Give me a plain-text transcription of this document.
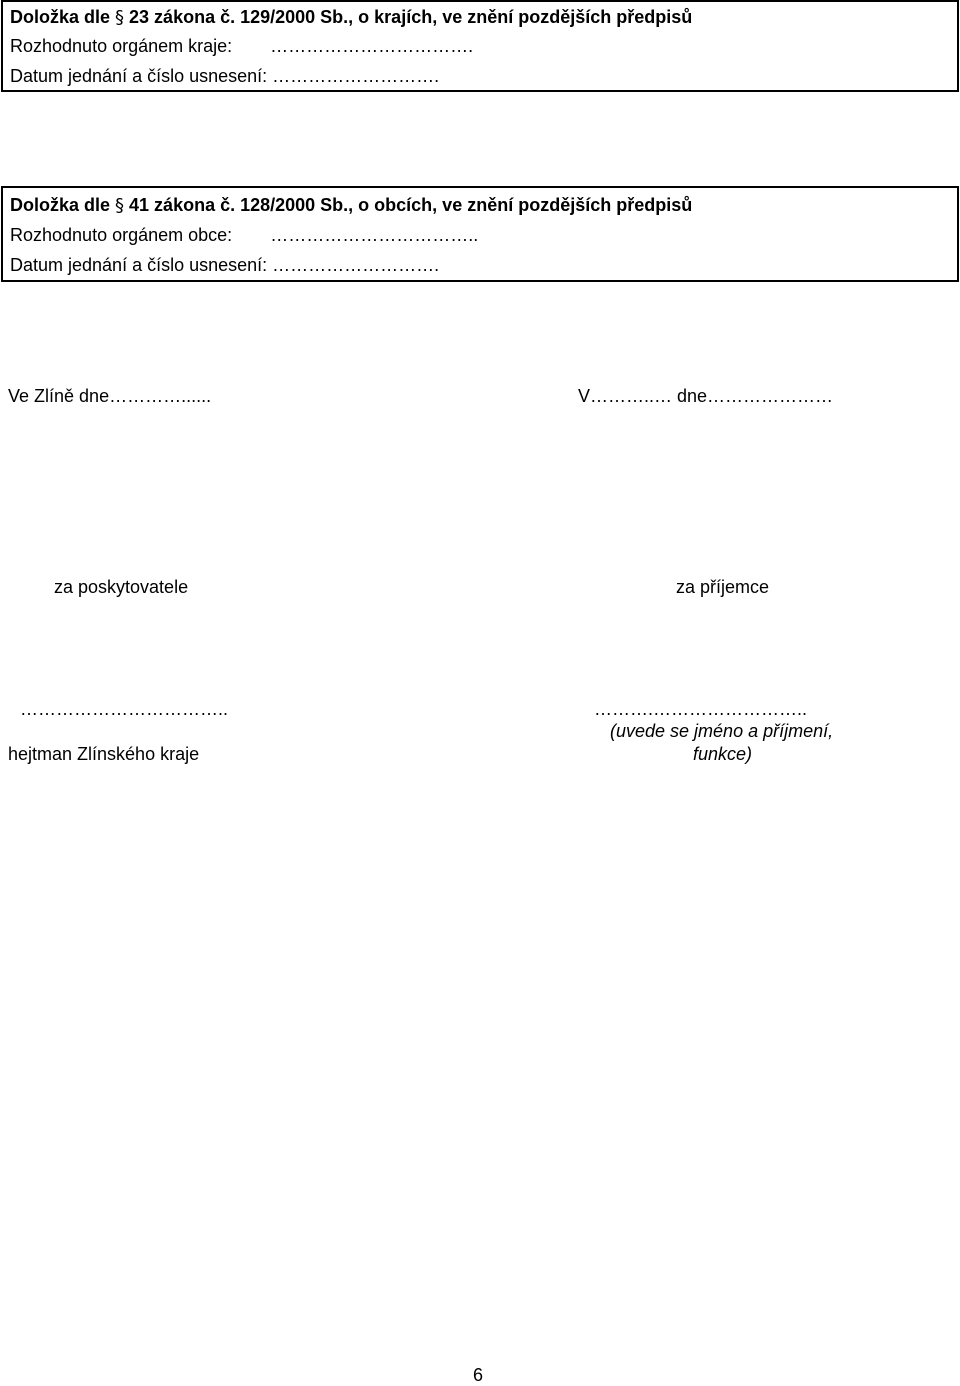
Doložka dle § 23 zákona č. 129/2000 Sb., o krajích, ve znění pozdějších předpisů
Rozhodnuto orgánem kraje: …………………………….
Datum jednání a číslo usnesení: ……………………….
Doložka dle § 41 zákona č. 128/2000 Sb., o obcích, ve znění pozdějších předpisů
Rozhodnuto orgánem obce: ……………………………..
Datum jednání a číslo usnesení: ……………………….
Ve Zlíně dne…………......	V………..… dne…………………
za poskytovatele	za příjemce
……………………………..	……….……………………..
hejtman Zlínského kraje
(uvede se jméno a příjmení,
funkce)
6
